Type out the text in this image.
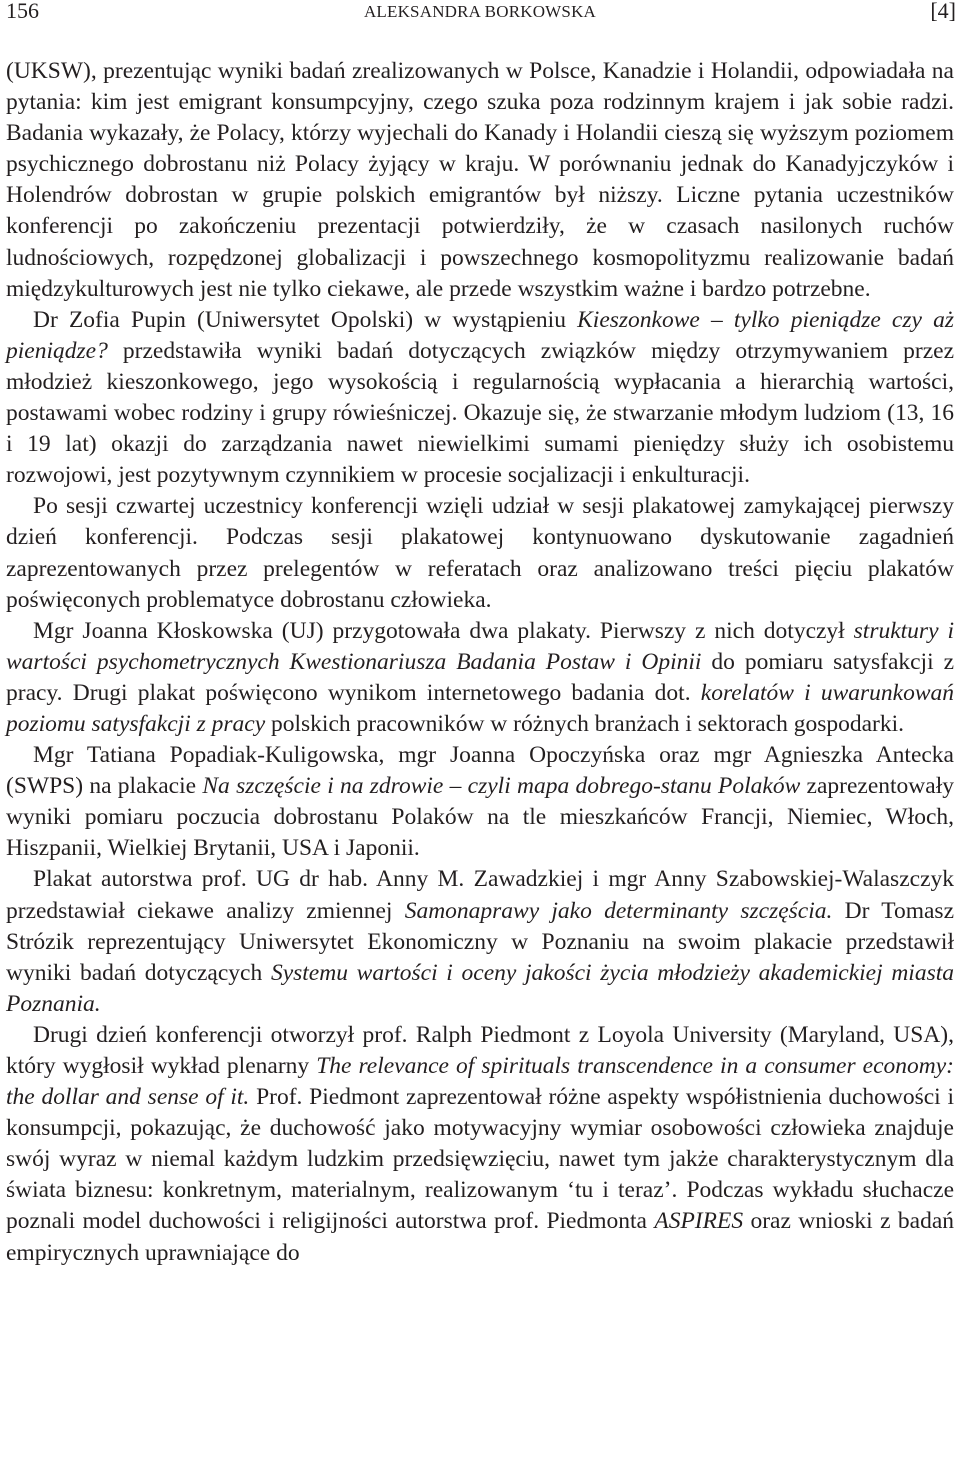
156	ALEKSANDRA BORKOWSKA	[4]

(UKSW), prezentując wyniki badań zrealizowanych w Polsce, Kanadzie i Holandii, odpowiadała na pytania: kim jest emigrant konsumpcyjny, czego szuka poza rodzinnym krajem i jak sobie radzi. Badania wykazały, że Polacy, którzy wyjechali do Kanady i Holandii cieszą się wyższym poziomem psychicznego dobrostanu niż Polacy żyjący w kraju. W porównaniu jednak do Kanadyjczyków i Holendrów dobrostan w grupie polskich emigrantów był niższy. Liczne pytania uczestników konferencji po zakończeniu prezentacji potwierdziły, że w czasach nasilonych ruchów ludnościowych, rozpędzonej globalizacji i powszechnego kosmopolityzmu realizowanie badań międzykulturowych jest nie tylko ciekawe, ale przede wszystkim ważne i bardzo potrzebne.

Dr Zofia Pupin (Uniwersytet Opolski) w wystąpieniu Kieszonkowe – tylko pieniądze czy aż pieniądze? przedstawiła wyniki badań dotyczących związków między otrzymywaniem przez młodzież kieszonkowego, jego wysokością i regularnością wypłacania a hierarchią wartości, postawami wobec rodziny i grupy rówieśniczej. Okazuje się, że stwarzanie młodym ludziom (13, 16 i 19 lat) okazji do zarządzania nawet niewielkimi sumami pieniędzy służy ich osobistemu rozwojowi, jest pozytywnym czynnikiem w procesie socjalizacji i enkulturacji.

Po sesji czwartej uczestnicy konferencji wzięli udział w sesji plakatowej zamykającej pierwszy dzień konferencji. Podczas sesji plakatowej kontynuowano dyskutowanie zagadnień zaprezentowanych przez prelegentów w referatach oraz analizowano treści pięciu plakatów poświęconych problematyce dobrostanu człowieka.

Mgr Joanna Kłoskowska (UJ) przygotowała dwa plakaty. Pierwszy z nich dotyczył struktury i wartości psychometrycznych Kwestionariusza Badania Postaw i Opinii do pomiaru satysfakcji z pracy. Drugi plakat poświęcono wynikom internetowego badania dot. korelatów i uwarunkowań poziomu satysfakcji z pracy polskich pracowników w różnych branżach i sektorach gospodarki.

Mgr Tatiana Popadiak-Kuligowska, mgr Joanna Opoczyńska oraz mgr Agnieszka Antecka (SWPS) na plakacie Na szczęście i na zdrowie – czyli mapa dobrego-stanu Polaków zaprezentowały wyniki pomiaru poczucia dobrostanu Polaków na tle mieszkańców Francji, Niemiec, Włoch, Hiszpanii, Wielkiej Brytanii, USA i Japonii.

Plakat autorstwa prof. UG dr hab. Anny M. Zawadzkiej i mgr Anny Szabowskiej-Walaszczyk przedstawiał ciekawe analizy zmiennej Samonaprawy jako determinanty szczęścia. Dr Tomasz Strózik reprezentujący Uniwersytet Ekonomiczny w Poznaniu na swoim plakacie przedstawił wyniki badań dotyczących Systemu wartości i oceny jakości życia młodzieży akademickiej miasta Poznania.

Drugi dzień konferencji otworzył prof. Ralph Piedmont z Loyola University (Maryland, USA), który wygłosił wykład plenarny The relevance of spirituals transcendence in a consumer economy: the dollar and sense of it. Prof. Piedmont zaprezentował różne aspekty współistnienia duchowości i konsumpcji, pokazując, że duchowość jako motywacyjny wymiar osobowości człowieka znajduje swój wyraz w niemal każdym ludzkim przedsięwzięciu, nawet tym jakże charakterystycznym dla świata biznesu: konkretnym, materialnym, realizowanym ‘tu i teraz’. Podczas wykładu słuchacze poznali model duchowości i religijności autorstwa prof. Piedmonta ASPIRES oraz wnioski z badań empirycznych uprawniające do
